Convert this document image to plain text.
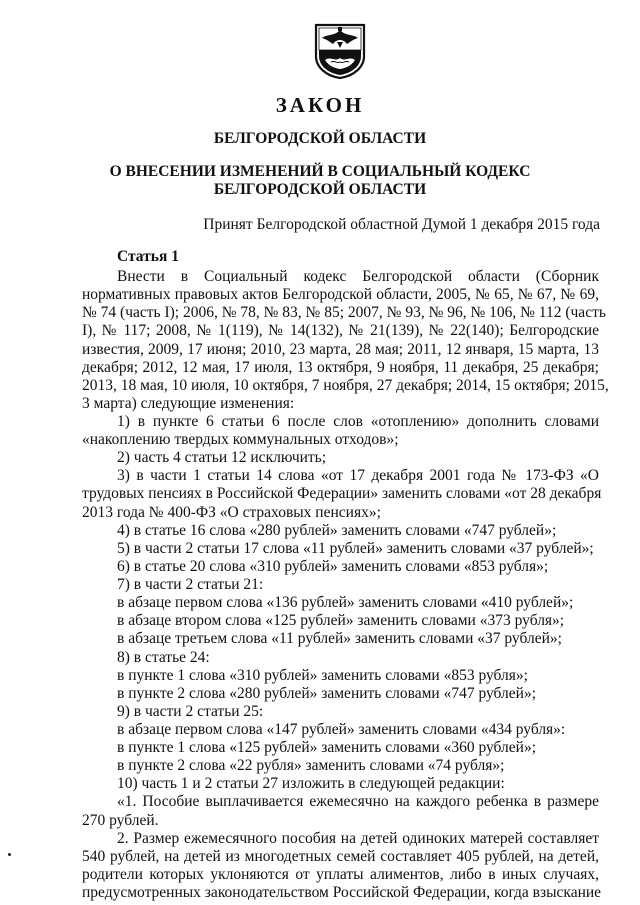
ЗАКОН
БЕЛГОРОДСКОЙ ОБЛАСТИ
О ВНЕСЕНИИ ИЗМЕНЕНИЙ В СОЦИАЛЬНЫЙ КОДЕКС
БЕЛГОРОДСКОЙ ОБЛАСТИ
Принят Белгородской областной Думой 1 декабря 2015 года
Статья 1
Внести в Социальный кодекс Белгородской области (Сборник
нормативных правовых актов Белгородской области, 2005, № 65, № 67, № 69,
№ 74 (часть I); 2006, № 78, № 83, № 85; 2007, № 93, № 96, № 106, № 112 (часть
I), № 117; 2008, № 1(119), № 14(132), № 21(139), № 22(140); Белгородские
известия, 2009, 17 июня; 2010, 23 марта, 28 мая; 2011, 12 января, 15 марта, 13
декабря; 2012, 12 мая, 17 июля, 13 октября, 9 ноября, 11 декабря, 25 декабря;
2013, 18 мая, 10 июля, 10 октября, 7 ноября, 27 декабря; 2014, 15 октября; 2015,
3 марта) следующие изменения:
1) в пункте 6 статьи 6 после слов «отоплению» дополнить словами
«накоплению твердых коммунальных отходов»;
2) часть 4 статьи 12 исключить;
3) в части 1 статьи 14 слова «от 17 декабря 2001 года № 173-ФЗ «О
трудовых пенсиях в Российской Федерации» заменить словами «от 28 декабря
2013 года № 400-ФЗ «О страховых пенсиях»;
4) в статье 16 слова «280 рублей» заменить словами «747 рублей»;
5) в части 2 статьи 17 слова «11 рублей» заменить словами «37 рублей»;
6) в статье 20 слова «310 рублей» заменить словами «853 рубля»;
7) в части 2 статьи 21:
в абзаце первом слова «136 рублей» заменить словами «410 рублей»;
в абзаце втором слова «125 рублей» заменить словами «373 рубля»;
в абзаце третьем слова «11 рублей» заменить словами «37 рублей»;
8) в статье 24:
в пункте 1 слова «310 рублей» заменить словами «853 рубля»;
в пункте 2 слова «280 рублей» заменить словами «747 рублей»;
9) в части 2 статьи 25:
в абзаце первом слова «147 рублей» заменить словами «434 рубля»:
в пункте 1 слова «125 рублей» заменить словами «360 рублей»;
в пункте 2 слова «22 рубля» заменить словами «74 рубля»;
10) часть 1 и 2 статьи 27 изложить в следующей редакции:
«1. Пособие выплачивается ежемесячно на каждого ребенка в размере
270 рублей.
2. Размер ежемесячного пособия на детей одиноких матерей составляет
540 рублей, на детей из многодетных семей составляет 405 рублей, на детей,
родители которых уклоняются от уплаты алиментов, либо в иных случаях,
предусмотренных законодательством Российской Федерации, когда взыскание
